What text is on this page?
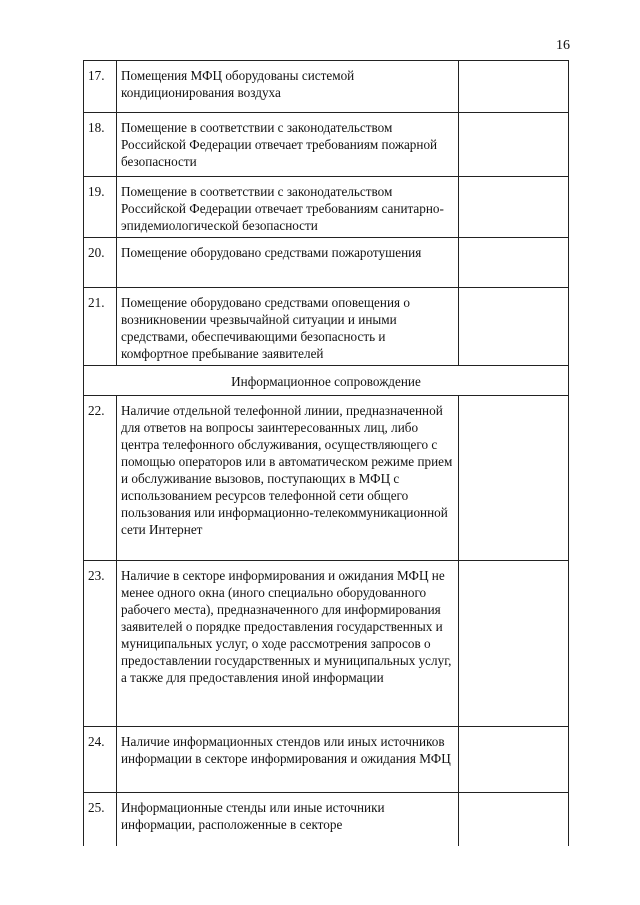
16
17.	Помещения МФЦ оборудованы системой кондиционирования воздуха	
18.	Помещение в соответствии с законодательством Российской Федерации отвечает требованиям пожарной безопасности	
19.	Помещение в соответствии с законодательством Российской Федерации отвечает требованиям санитарно-эпидемиологической безопасности	
20.	Помещение оборудовано средствами пожаротушения	
21.	Помещение оборудовано средствами оповещения о возникновении чрезвычайной ситуации и иными средствами, обеспечивающими безопасность и комфортное пребывание заявителей	
Информационное сопровождение		
22.	Наличие отдельной телефонной линии, предназначенной для ответов на вопросы заинтересованных лиц, либо центра телефонного обслуживания, осуществляющего с помощью операторов или в автоматическом режиме прием и обслуживание вызовов, поступающих в МФЦ с использованием ресурсов телефонной сети общего пользования или информационно-телекоммуникационной сети Интернет	
23.	Наличие в секторе информирования и ожидания МФЦ не менее одного окна (иного специально оборудованного рабочего места), предназначенного для информирования заявителей о порядке предоставления государственных и муниципальных услуг, о ходе рассмотрения запросов о предоставлении государственных и муниципальных услуг, а также для предоставления иной информации	
24.	Наличие информационных стендов или иных источников информации в секторе информирования и ожидания МФЦ	
25.	Информационные стенды или иные источники информации, расположенные в секторе	
